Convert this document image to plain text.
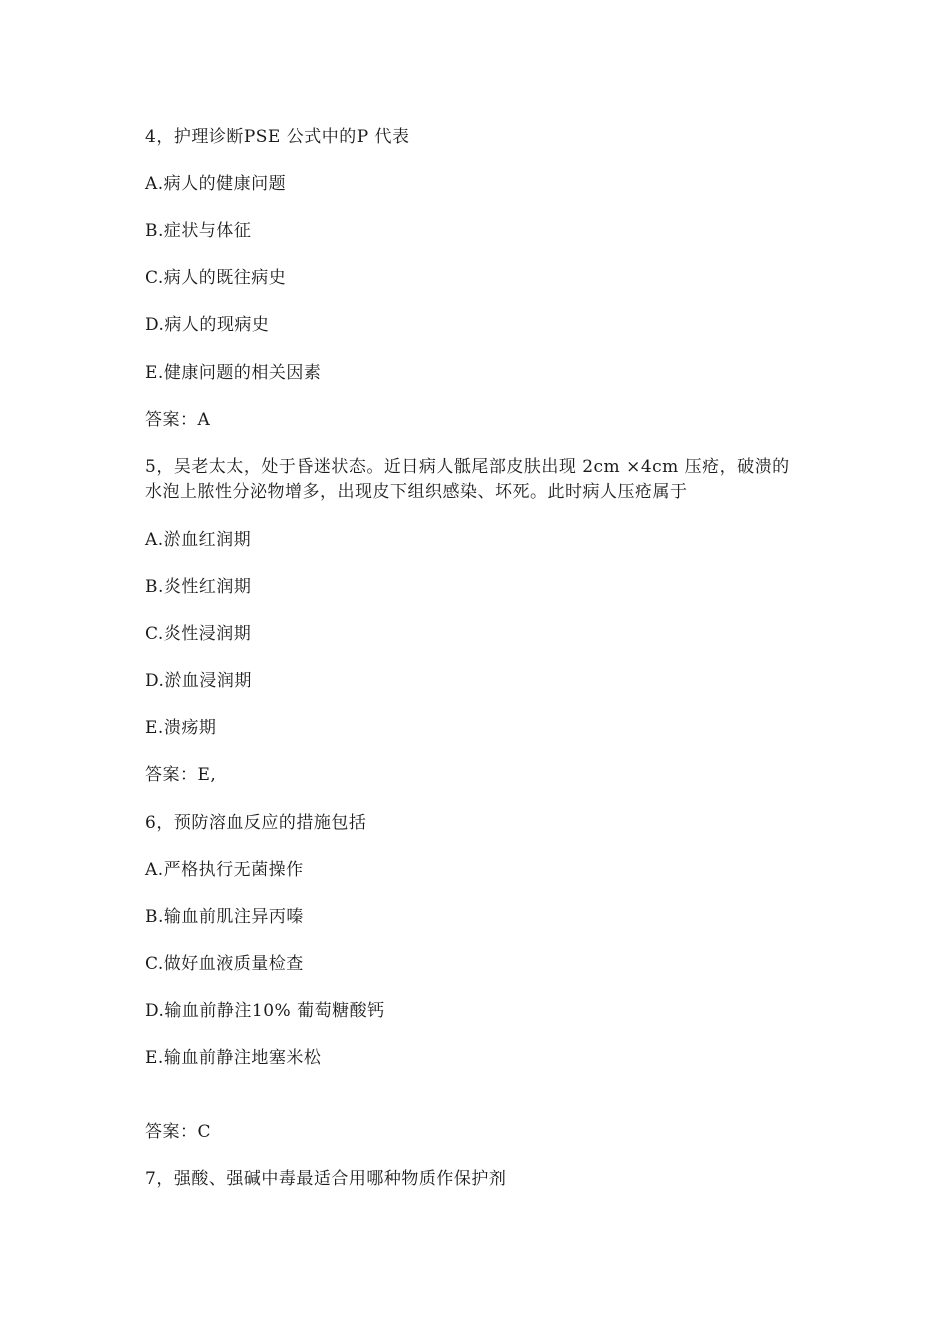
4，护理诊断PSE 公式中的P 代表
A.病人的健康问题
B.症状与体征
C.病人的既往病史
D.病人的现病史
E.健康问题的相关因素
答案：A
5，吴老太太，处于昏迷状态。近日病人骶尾部皮肤出现 2cm ×4cm 压疮，破溃的
水泡上脓性分泌物增多，出现皮下组织感染、坏死。此时病人压疮属于
A.淤血红润期
B.炎性红润期
C.炎性浸润期
D.淤血浸润期
E.溃疡期
答案：E,
6，预防溶血反应的措施包括
A.严格执行无菌操作
B.输血前肌注异丙嗪
C.做好血液质量检查
D.输血前静注10% 葡萄糖酸钙
E.输血前静注地塞米松
答案：C
7，强酸、强碱中毒最适合用哪种物质作保护剂
